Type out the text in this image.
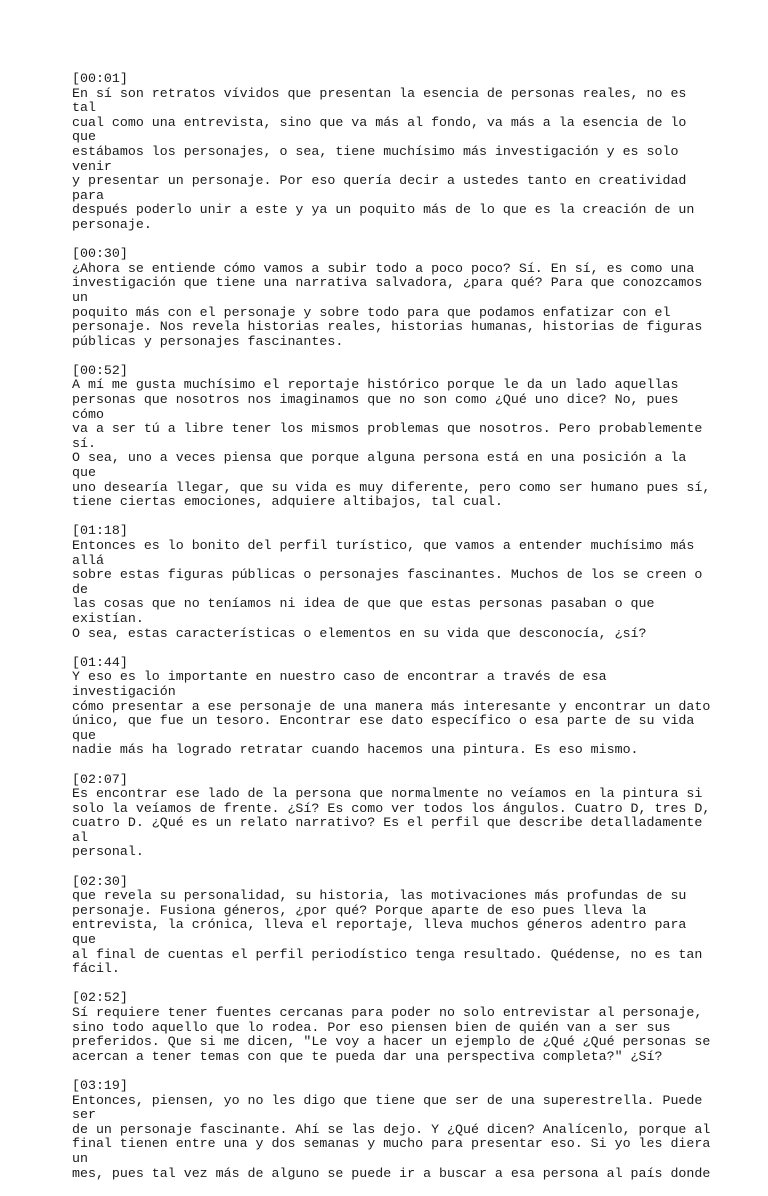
[00:01]
En sí son retratos vívidos que presentan la esencia de personas reales, no es tal
cual como una entrevista, sino que va más al fondo, va más a la esencia de lo que
estábamos los personajes, o sea, tiene muchísimo más investigación y es solo venir
y presentar un personaje. Por eso quería decir a ustedes tanto en creatividad para
después poderlo unir a este y ya un poquito más de lo que es la creación de un
personaje.
[00:30]
¿Ahora se entiende cómo vamos a subir todo a poco poco? Sí. En sí, es como una
investigación que tiene una narrativa salvadora, ¿para qué? Para que conozcamos un
poquito más con el personaje y sobre todo para que podamos enfatizar con el
personaje. Nos revela historias reales, historias humanas, historias de figuras
públicas y personajes fascinantes.
[00:52]
A mí me gusta muchísimo el reportaje histórico porque le da un lado aquellas
personas que nosotros nos imaginamos que no son como ¿Qué uno dice? No, pues cómo
va a ser tú a libre tener los mismos problemas que nosotros. Pero probablemente sí.
O sea, uno a veces piensa que porque alguna persona está en una posición a la que
uno desearía llegar, que su vida es muy diferente, pero como ser humano pues sí,
tiene ciertas emociones, adquiere altibajos, tal cual.
[01:18]
Entonces es lo bonito del perfil turístico, que vamos a entender muchísimo más allá
sobre estas figuras públicas o personajes fascinantes. Muchos de los se creen o de
las cosas que no teníamos ni idea de que que estas personas pasaban o que existían.
O sea, estas características o elementos en su vida que desconocía, ¿sí?
[01:44]
Y eso es lo importante en nuestro caso de encontrar a través de esa investigación
cómo presentar a ese personaje de una manera más interesante y encontrar un dato
único, que fue un tesoro. Encontrar ese dato específico o esa parte de su vida que
nadie más ha logrado retratar cuando hacemos una pintura. Es eso mismo.
[02:07]
Es encontrar ese lado de la persona que normalmente no veíamos en la pintura si
solo la veíamos de frente. ¿Sí? Es como ver todos los ángulos. Cuatro D, tres D,
cuatro D. ¿Qué es un relato narrativo? Es el perfil que describe detalladamente al
personal.
[02:30]
que revela su personalidad, su historia, las motivaciones más profundas de su
personaje. Fusiona géneros, ¿por qué? Porque aparte de eso pues lleva la
entrevista, la crónica, lleva el reportaje, lleva muchos géneros adentro para que
al final de cuentas el perfil periodístico tenga resultado. Quédense, no es tan
fácil.
[02:52]
Sí requiere tener fuentes cercanas para poder no solo entrevistar al personaje,
sino todo aquello que lo rodea. Por eso piensen bien de quién van a ser sus
preferidos. Que si me dicen, "Le voy a hacer un ejemplo de ¿Qué ¿Qué personas se
acercan a tener temas con que te pueda dar una perspectiva completa?" ¿Sí?
[03:19]
Entonces, piensen, yo no les digo que tiene que ser de una superestrella. Puede ser
de un personaje fascinante. Ahí se las dejo. Y ¿Qué dicen? Analícenlo, porque al
final tienen entre una y dos semanas y mucho para presentar eso. Si yo les diera un
mes, pues tal vez más de alguno se puede ir a buscar a esa persona al país donde
